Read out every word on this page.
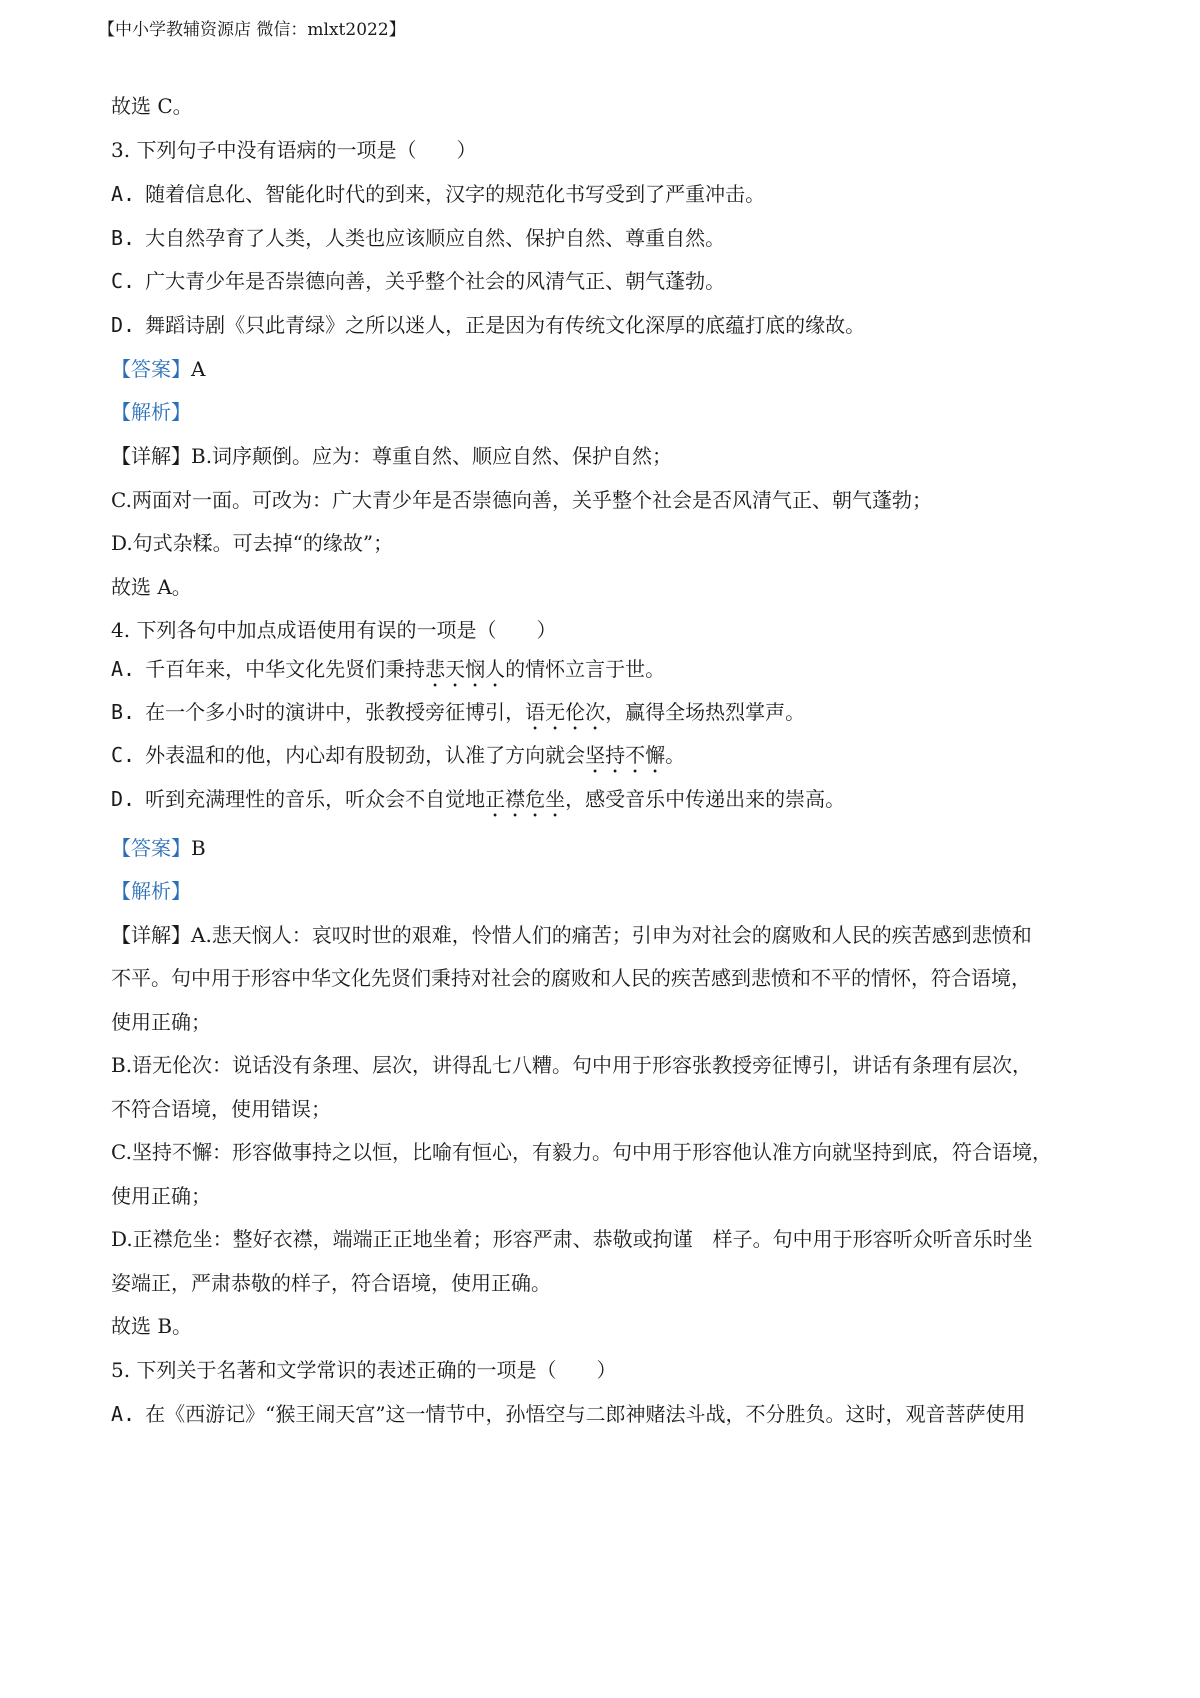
【中小学教辅资源店 微信：mlxt2022】
故选 C。
3. 下列句子中没有语病的一项是（　　）
A. 随着信息化、智能化时代的到来，汉字的规范化书写受到了严重冲击。
B. 大自然孕育了人类，人类也应该顺应自然、保护自然、尊重自然。
C. 广大青少年是否崇德向善，关乎整个社会的风清气正、朝气蓬勃。
D. 舞蹈诗剧《只此青绿》之所以迷人，正是因为有传统文化深厚的底蕴打底的缘故。
【答案】A
【解析】
【详解】B.词序颠倒。应为：尊重自然、顺应自然、保护自然；
C.两面对一面。可改为：广大青少年是否崇德向善，关乎整个社会是否风清气正、朝气蓬勃；
D.句式杂糅。可去掉“的缘故”；
故选 A。
4. 下列各句中加点成语使用有误的一项是（　　）
A. 千百年来，中华文化先贤们秉持悲天悯人的情怀立言于世。
B. 在一个多小时的演讲中，张教授旁征博引，语无伦次，赢得全场热烈掌声。
C. 外表温和的他，内心却有股韧劲，认准了方向就会坚持不懈。
D. 听到充满理性的音乐，听众会不自觉地正襟危坐，感受音乐中传递出来的崇高。
【答案】B
【解析】
【详解】A.悲天悯人：哀叹时世的艰难，怜惜人们的痛苦；引申为对社会的腐败和人民的疾苦感到悲愤和
不平。句中用于形容中华文化先贤们秉持对社会的腐败和人民的疾苦感到悲愤和不平的情怀，符合语境，
使用正确；
B.语无伦次：说话没有条理、层次，讲得乱七八糟。句中用于形容张教授旁征博引，讲话有条理有层次，
不符合语境，使用错误；
C.坚持不懈：形容做事持之以恒，比喻有恒心，有毅力。句中用于形容他认准方向就坚持到底，符合语境，
使用正确；
D.正襟危坐：整好衣襟，端端正正地坐着；形容严肃、恭敬或拘谨　样子。句中用于形容听众听音乐时坐
姿端正，严肃恭敬的样子，符合语境，使用正确。
故选 B。
5. 下列关于名著和文学常识的表述正确的一项是（　　）
A. 在《西游记》“猴王闹天宫”这一情节中，孙悟空与二郎神赌法斗战，不分胜负。这时，观音菩萨使用
